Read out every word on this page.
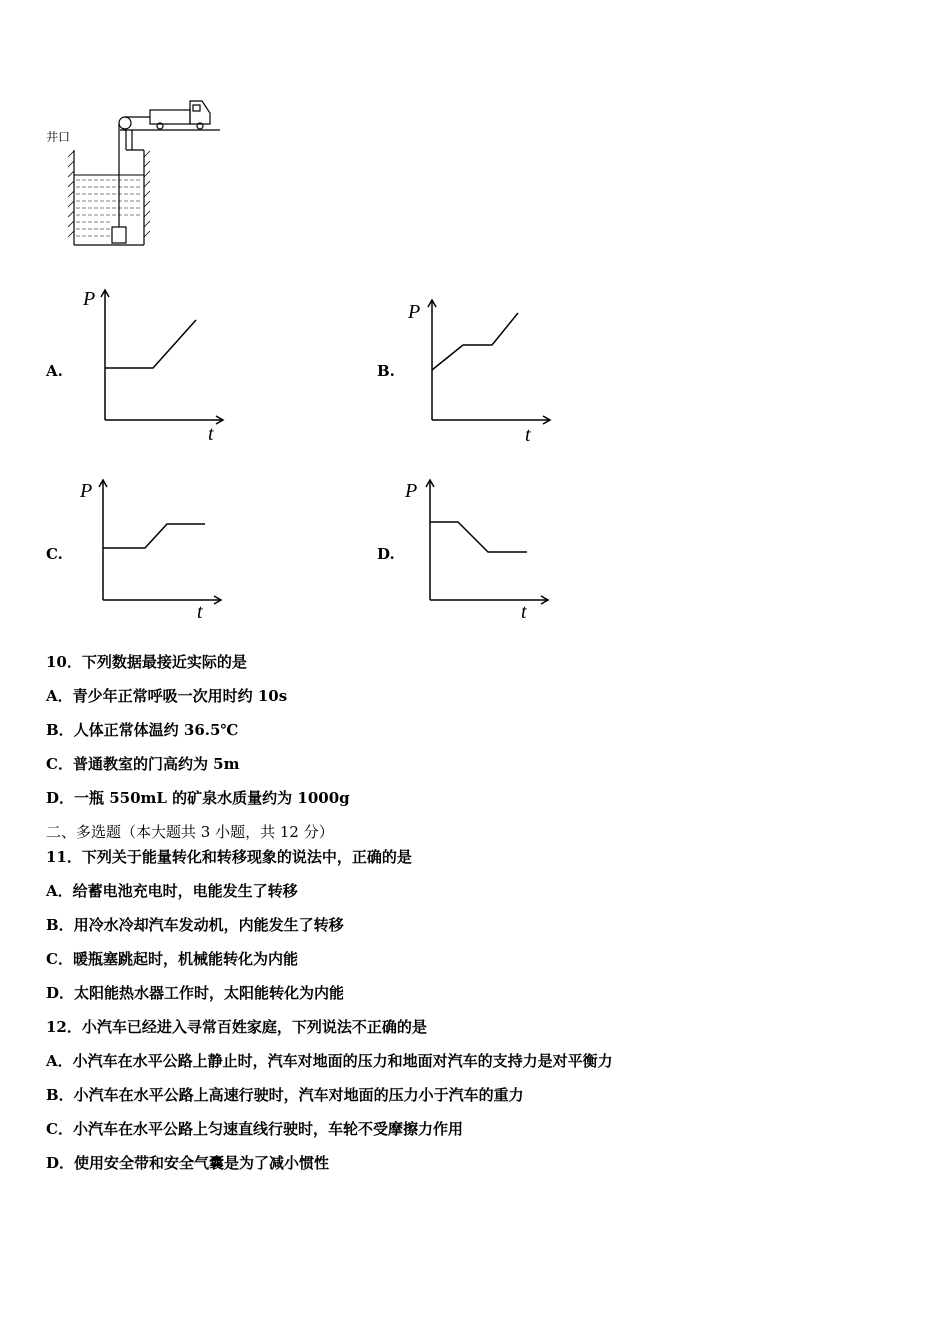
井口
A.
P
t
B.
P
t
C.
P
t
D.
P
t
10．下列数据最接近实际的是
A．青少年正常呼吸一次用时约 10s
B．人体正常体温约 36.5℃
C．普通教室的门高约为 5m
D．一瓶 550mL 的矿泉水质量约为 1000g
二、多选题（本大题共 3 小题，共 12 分）
11．下列关于能量转化和转移现象的说法中，正确的是
A．给蓄电池充电时，电能发生了转移
B．用冷水冷却汽车发动机，内能发生了转移
C．暖瓶塞跳起时，机械能转化为内能
D．太阳能热水器工作时，太阳能转化为内能
12．小汽车已经进入寻常百姓家庭，下列说法不正确的是
A．小汽车在水平公路上静止时，汽车对地面的压力和地面对汽车的支持力是对平衡力
B．小汽车在水平公路上高速行驶时，汽车对地面的压力小于汽车的重力
C．小汽车在水平公路上匀速直线行驶时，车轮不受摩擦力作用
D．使用安全带和安全气囊是为了减小惯性
